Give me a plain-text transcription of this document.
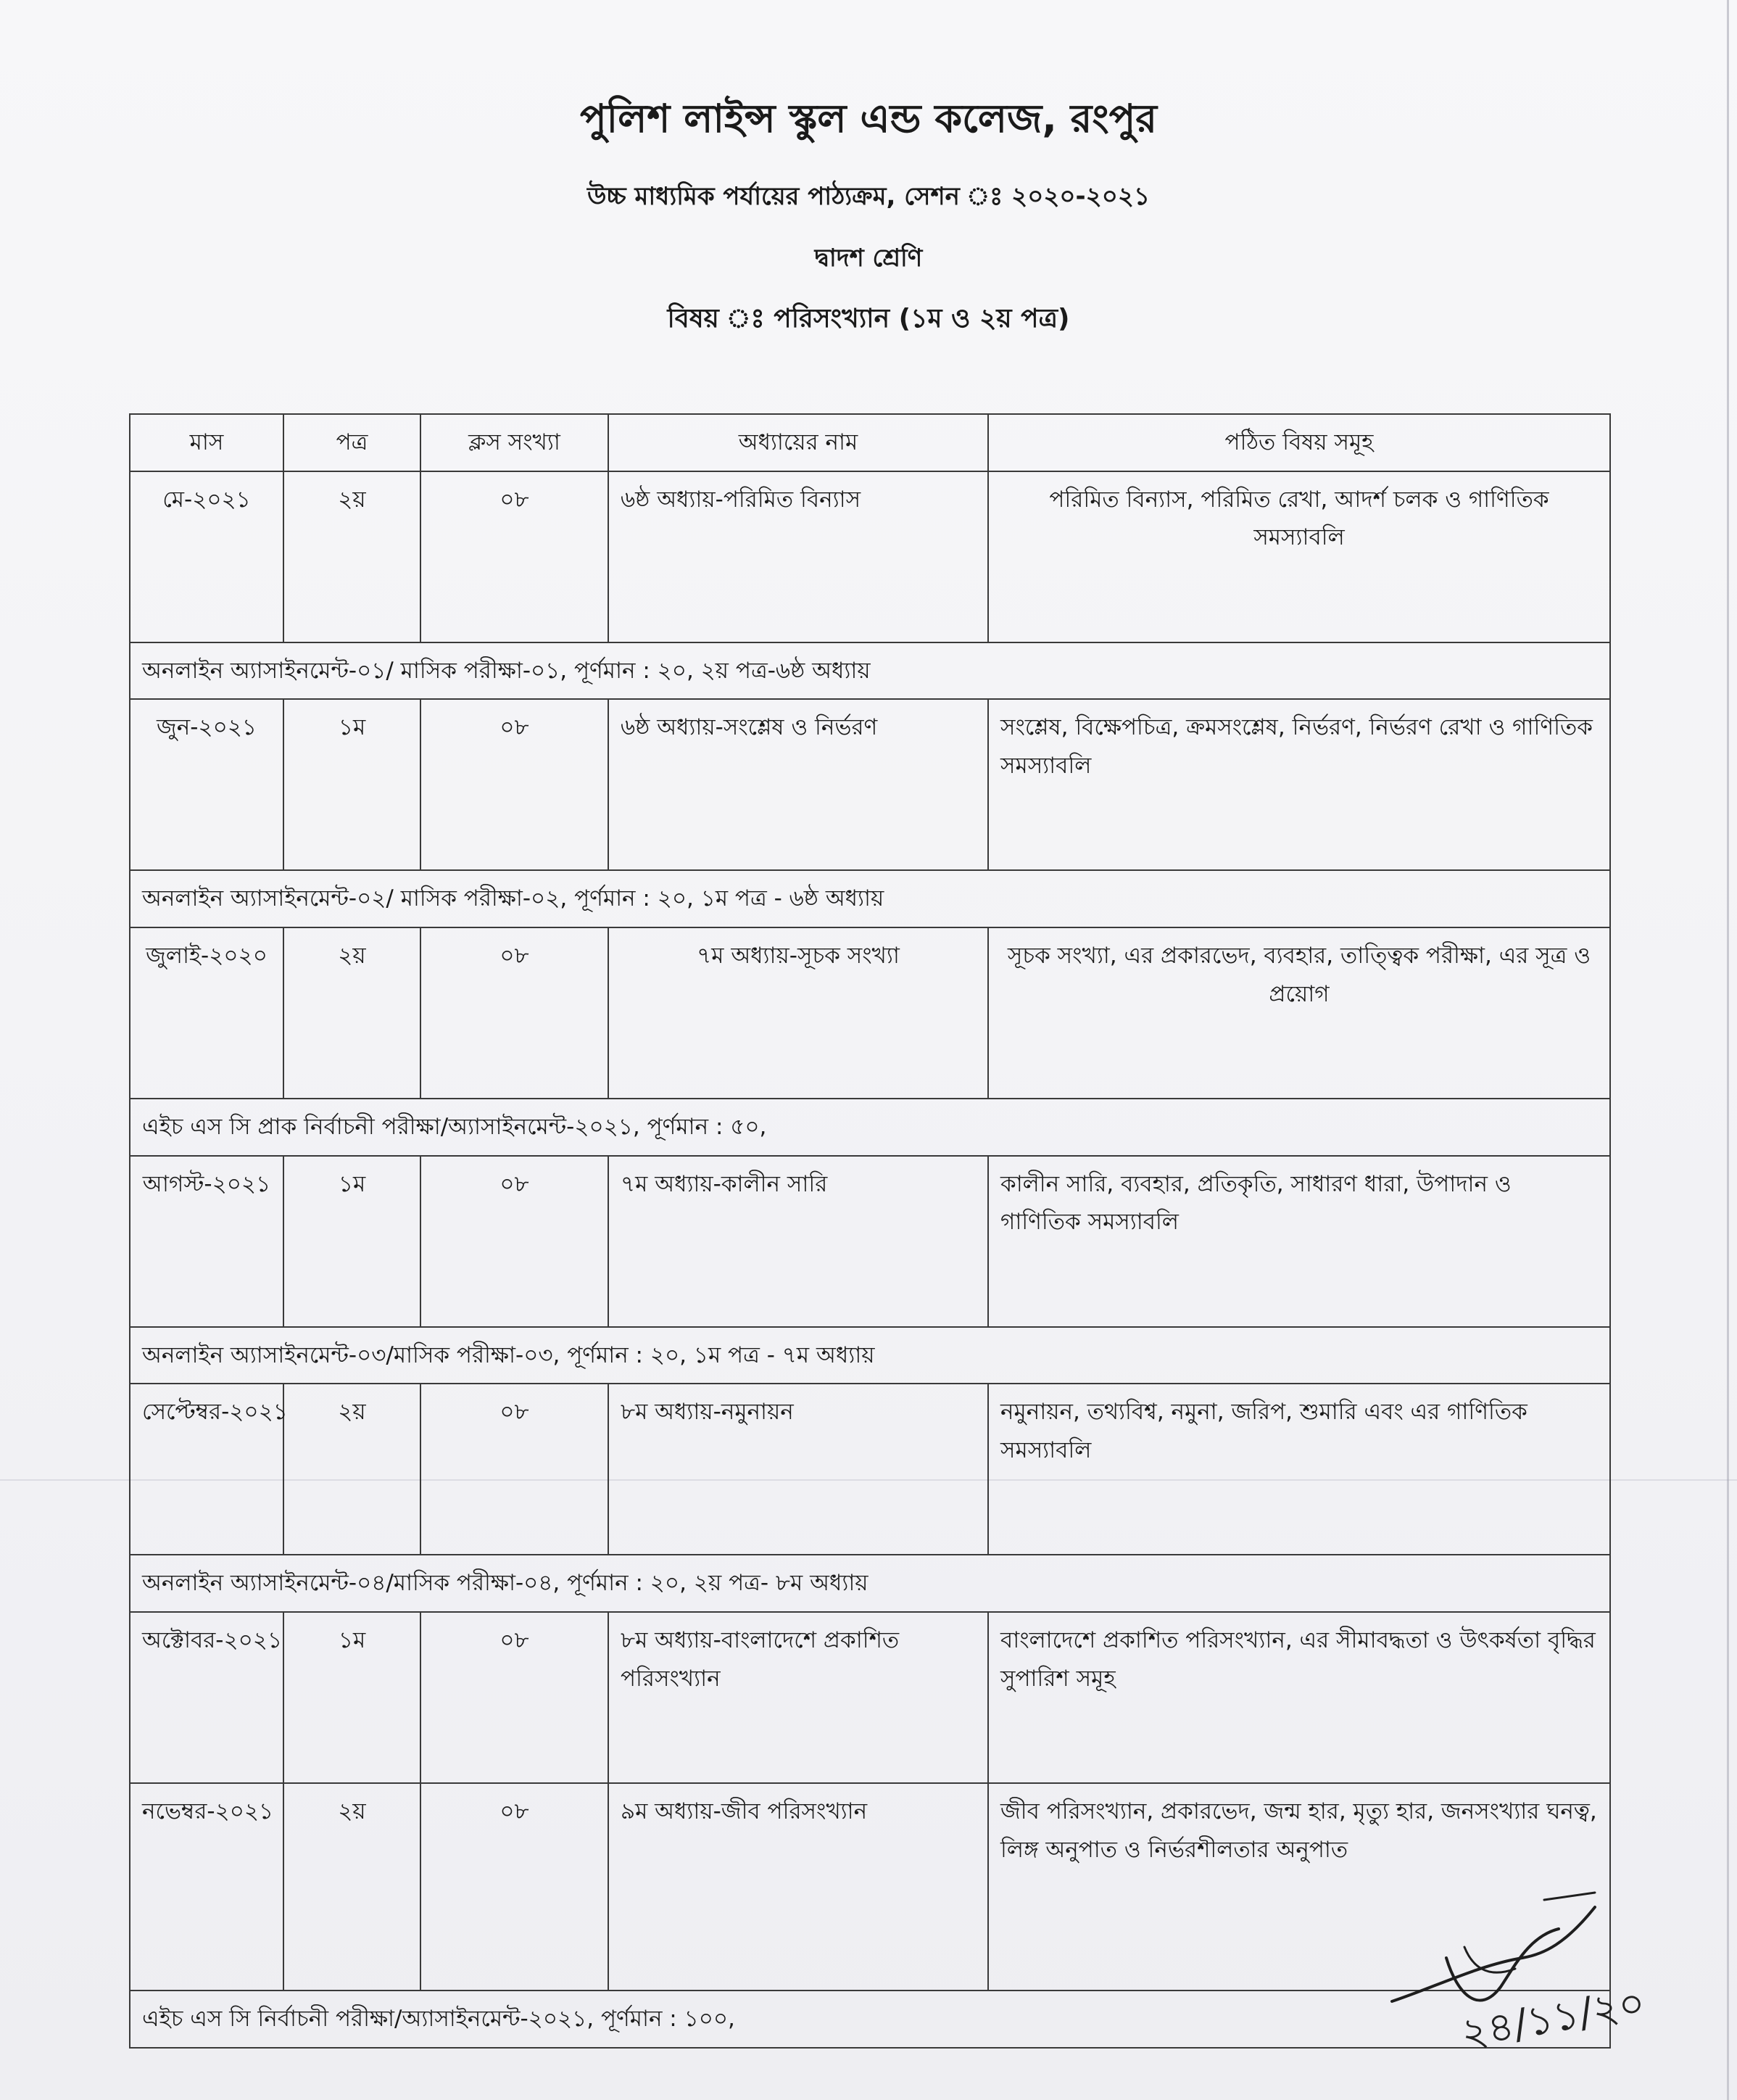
পুলিশ লাইন্স স্কুল এন্ড কলেজ, রংপুর
উচ্চ মাধ্যমিক পর্যায়ের পাঠ্যক্রম, সেশন ঃ ২০২০-২০২১
দ্বাদশ শ্রেণি
বিষয় ঃ পরিসংখ্যান (১ম ও ২য় পত্র)
মাস	পত্র	ক্লস সংখ্যা	অধ্যায়ের নাম	পঠিত বিষয় সমূহ
মে-২০২১	২য়	০৮	৬ষ্ঠ অধ্যায়-পরিমিত বিন্যাস	পরিমিত বিন্যাস, পরিমিত রেখা, আদর্শ চলক ও গাণিতিক সমস্যাবলি
অনলাইন অ্যাসাইনমেন্ট-০১/ মাসিক পরীক্ষা-০১, পূর্ণমান : ২০, ২য় পত্র-৬ষ্ঠ অধ্যায়				
জুন-২০২১	১ম	০৮	৬ষ্ঠ অধ্যায়-সংশ্লেষ ও নির্ভরণ	সংশ্লেষ, বিক্ষেপচিত্র, ক্রমসংশ্লেষ, নির্ভরণ, নির্ভরণ রেখা ও গাণিতিক সমস্যাবলি
অনলাইন অ্যাসাইনমেন্ট-০২/ মাসিক পরীক্ষা-০২, পূর্ণমান : ২০, ১ম পত্র - ৬ষ্ঠ অধ্যায়				
জুলাই-২০২০	২য়	০৮	৭ম অধ্যায়-সূচক সংখ্যা	সূচক সংখ্যা, এর প্রকারভেদ, ব্যবহার, তাত্ত্বিক পরীক্ষা, এর সূত্র ও প্রয়োগ
এইচ এস সি প্রাক নির্বাচনী পরীক্ষা/অ্যাসাইনমেন্ট-২০২১, পূর্ণমান : ৫০,				
আগস্ট-২০২১	১ম	০৮	৭ম অধ্যায়-কালীন সারি	কালীন সারি, ব্যবহার, প্রতিকৃতি, সাধারণ ধারা, উপাদান ও গাণিতিক সমস্যাবলি
অনলাইন অ্যাসাইনমেন্ট-০৩/মাসিক পরীক্ষা-০৩, পূর্ণমান : ২০, ১ম পত্র - ৭ম অধ্যায়				
সেপ্টেম্বর-২০২১	২য়	০৮	৮ম অধ্যায়-নমুনায়ন	নমুনায়ন, তথ্যবিশ্ব, নমুনা, জরিপ, শুমারি এবং এর গাণিতিক সমস্যাবলি
অনলাইন অ্যাসাইনমেন্ট-০৪/মাসিক পরীক্ষা-০৪, পূর্ণমান : ২০, ২য় পত্র- ৮ম অধ্যায়				
অক্টোবর-২০২১	১ম	০৮	৮ম অধ্যায়-বাংলাদেশে প্রকাশিত পরিসংখ্যান	বাংলাদেশে প্রকাশিত পরিসংখ্যান, এর সীমাবদ্ধতা ও উৎকর্ষতা বৃদ্ধির সুপারিশ সমূহ
নভেম্বর-২০২১	২য়	০৮	৯ম অধ্যায়-জীব পরিসংখ্যান	জীব পরিসংখ্যান, প্রকারভেদ, জন্ম হার, মৃত্যু হার, জনসংখ্যার ঘনত্ব, লিঙ্গ অনুপাত ও নির্ভরশীলতার অনুপাত
এইচ এস সি নির্বাচনী পরীক্ষা/অ্যাসাইনমেন্ট-২০২১, পূর্ণমান : ১০০,					২৪/১১/২০
